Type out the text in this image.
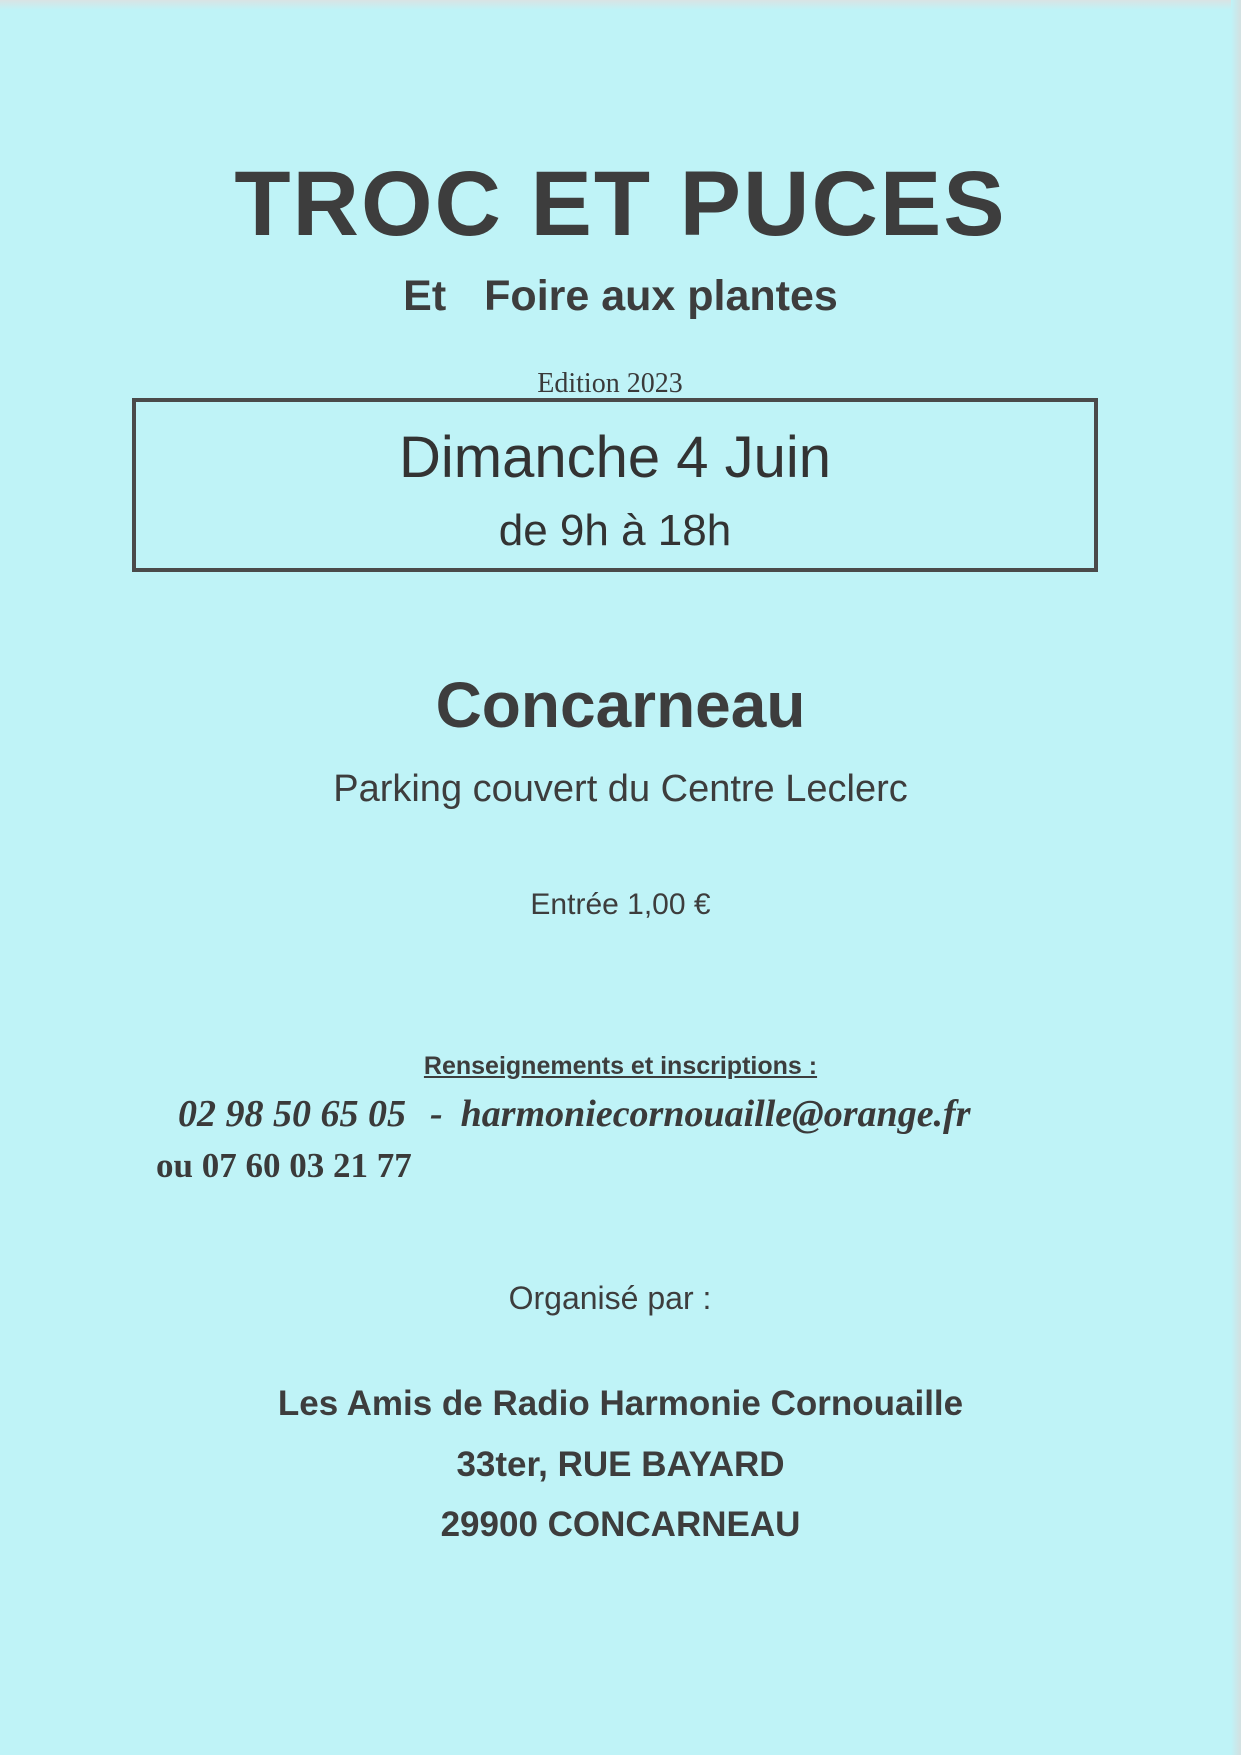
TROC ET PUCES
Et Foire aux plantes
Edition 2023
Dimanche 4 Juin
de 9h à 18h
Concarneau
Parking couvert du Centre Leclerc
Entrée 1,00 €
Renseignements et inscriptions :
02 98 50 65 05 - harmoniecornouaille@orange.fr
ou 07 60 03 21 77
Organisé par :
Les Amis de Radio Harmonie Cornouaille
33ter, RUE BAYARD
29900 CONCARNEAU
